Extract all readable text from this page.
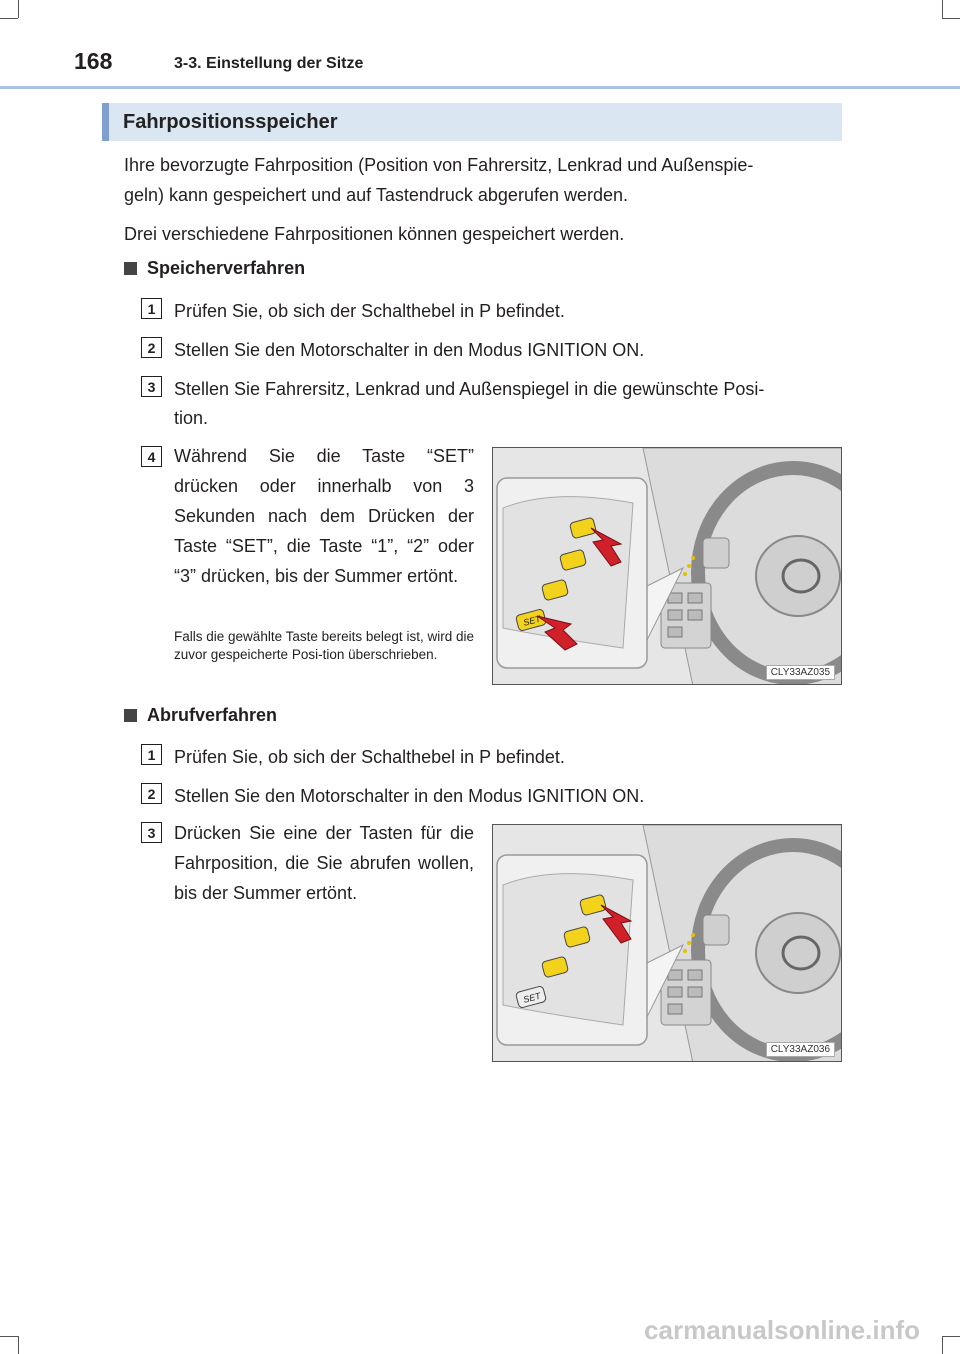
168	3-3. Einstellung der Sitze
Fahrpositionsspeicher
Ihre bevorzugte Fahrposition (Position von Fahrersitz, Lenkrad und Außenspie-
geln) kann gespeichert und auf Tastendruck abgerufen werden.
Drei verschiedene Fahrpositionen können gespeichert werden.
Speicherverfahren
1	Prüfen Sie, ob sich der Schalthebel in P befindet.
2	Stellen Sie den Motorschalter in den Modus IGNITION ON.
3	Stellen Sie Fahrersitz, Lenkrad und Außenspiegel in die gewünschte Posi-
tion.
4	Während Sie die Taste “SET” drücken oder innerhalb von 3 Sekunden nach dem Drücken der Taste “SET”, die Taste “1”, “2” oder “3” drücken, bis der Summer ertönt.
Falls die gewählte Taste bereits belegt ist, wird die zuvor gespeicherte Posi-tion überschrieben.
SET
CLY33AZ035
Abrufverfahren
1	Prüfen Sie, ob sich der Schalthebel in P befindet.
2	Stellen Sie den Motorschalter in den Modus IGNITION ON.
3	Drücken Sie eine der Tasten für die Fahrposition, die Sie abrufen wollen, bis der Summer ertönt.
SET
CLY33AZ036
carmanualsonline.info
